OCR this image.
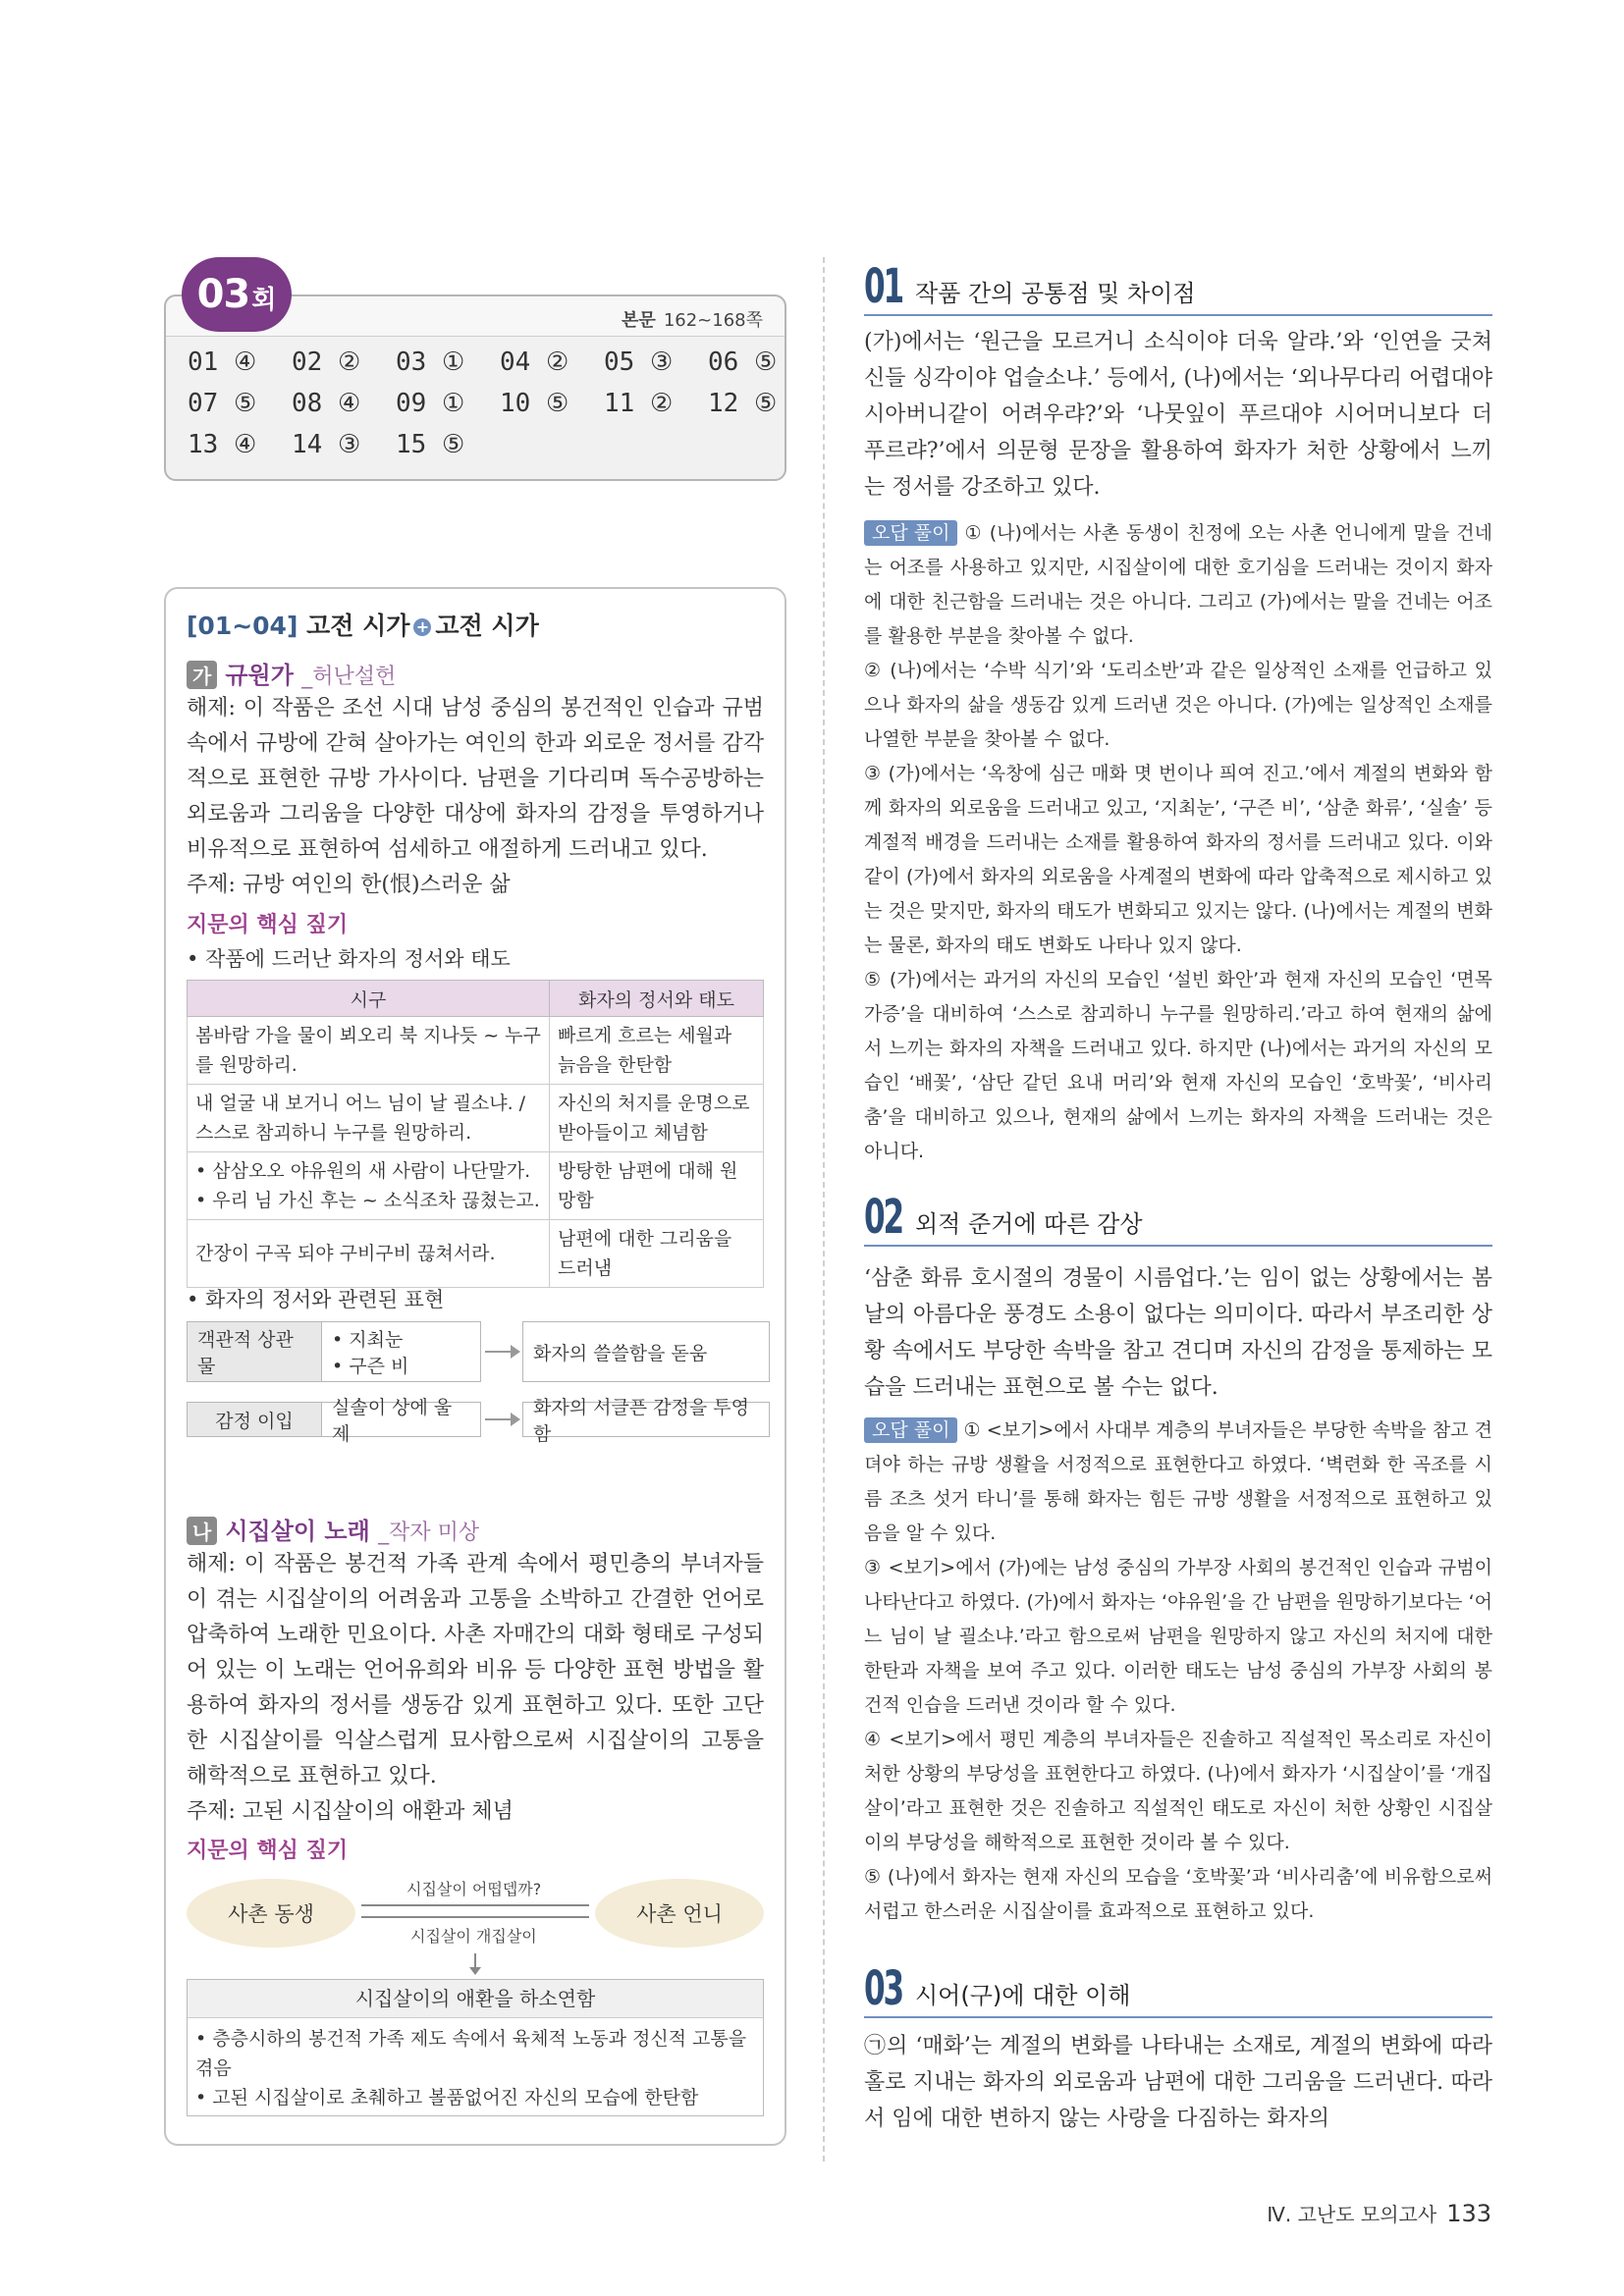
본문 162~168쪽
01 ④	02 ②	03 ①	04 ②	05 ③	06 ⑤
07 ⑤	08 ④	09 ①	10 ⑤	11 ②	12 ⑤
13 ④	14 ③	15 ⑤
03 회
[01~04] 고전 시가 + 고전 시가
가 규원가 _허난설헌
해제: 이 작품은 조선 시대 남성 중심의 봉건적인 인습과 규범 속에서 규방에 갇혀 살아가는 여인의 한과 외로운 정서를 감각적으로 표현한 규방 가사이다. 남편을 기다리며 독수공방하는 외로움과 그리움을 다양한 대상에 화자의 감정을 투영하거나 비유적으로 표현하여 섬세하고 애절하게 드러내고 있다.
주제: 규방 여인의 한(恨)스러운 삶
지문의 핵심 짚기
• 작품에 드러난 화자의 정서와 태도
시구	화자의 정서와 태도
봄바람 가을 물이 뵈오리 북 지나듯 ~ 누구를 원망하리.	빠르게 흐르는 세월과 늙음을 한탄함
내 얼굴 내 보거니 어느 님이 날 괼소냐. / 스스로 참괴하니 누구를 원망하리.	자신의 처지를 운명으로 받아들이고 체념함
• 삼삼오오 야유원의 새 사람이 나단말가.
• 우리 님 가신 후는 ~ 소식조차 끊쳤는고.	방탕한 남편에 대해 원망함
간장이 구곡 되야 구비구비 끊쳐서라.	남편에 대한 그리움을 드러냄
• 화자의 정서와 관련된 표현
객관적 상관물
• 지최눈
• 구즌 비
화자의 쓸쓸함을 돋움
감정 이입
실솔이 상에 울 제
화자의 서글픈 감정을 투영함
나 시집살이 노래 _작자 미상
해제: 이 작품은 봉건적 가족 관계 속에서 평민층의 부녀자들이 겪는 시집살이의 어려움과 고통을 소박하고 간결한 언어로 압축하여 노래한 민요이다. 사촌 자매간의 대화 형태로 구성되어 있는 이 노래는 언어유희와 비유 등 다양한 표현 방법을 활용하여 화자의 정서를 생동감 있게 표현하고 있다. 또한 고단한 시집살이를 익살스럽게 묘사함으로써 시집살이의 고통을 해학적으로 표현하고 있다.
주제: 고된 시집살이의 애환과 체념
지문의 핵심 짚기
사촌 동생	사촌 언니
시집살이 어떱뎁까?
시집살이 개집살이
시집살이의 애환을 하소연함
• 층층시하의 봉건적 가족 제도 속에서 육체적 노동과 정신적 고통을 겪음
• 고된 시집살이로 초췌하고 볼품없어진 자신의 모습에 한탄함
01 작품 간의 공통점 및 차이점
(가)에서는 ‘원근을 모르거니 소식이야 더욱 알랴.’와 ‘인연을 긋쳐신들 싱각이야 업슬소냐.’ 등에서, (나)에서는 ‘외나무다리 어렵대야 시아버니같이 어려우랴?’와 ‘나뭇잎이 푸르대야 시어머니보다 더 푸르랴?’에서 의문형 문장을 활용하여 화자가 처한 상황에서 느끼는 정서를 강조하고 있다.
오답 풀이 ① (나)에서는 사촌 동생이 친정에 오는 사촌 언니에게 말을 건네는 어조를 사용하고 있지만, 시집살이에 대한 호기심을 드러내는 것이지 화자에 대한 친근함을 드러내는 것은 아니다. 그리고 (가)에서는 말을 건네는 어조를 활용한 부분을 찾아볼 수 없다.
② (나)에서는 ‘수박 식기’와 ‘도리소반’과 같은 일상적인 소재를 언급하고 있으나 화자의 삶을 생동감 있게 드러낸 것은 아니다. (가)에는 일상적인 소재를 나열한 부분을 찾아볼 수 없다.
③ (가)에서는 ‘옥창에 심근 매화 몃 번이나 픠여 진고.’에서 계절의 변화와 함께 화자의 외로움을 드러내고 있고, ‘지최눈’, ‘구즌 비’, ‘삼춘 화류’, ‘실솔’ 등 계절적 배경을 드러내는 소재를 활용하여 화자의 정서를 드러내고 있다. 이와 같이 (가)에서 화자의 외로움을 사계절의 변화에 따라 압축적으로 제시하고 있는 것은 맞지만, 화자의 태도가 변화되고 있지는 않다. (나)에서는 계절의 변화는 물론, 화자의 태도 변화도 나타나 있지 않다.
⑤ (가)에서는 과거의 자신의 모습인 ‘설빈 화안’과 현재 자신의 모습인 ‘면목가증’을 대비하여 ‘스스로 참괴하니 누구를 원망하리.’라고 하여 현재의 삶에서 느끼는 화자의 자책을 드러내고 있다. 하지만 (나)에서는 과거의 자신의 모습인 ‘배꽃’, ‘삼단 같던 요내 머리’와 현재 자신의 모습인 ‘호박꽃’, ‘비사리춤’을 대비하고 있으나, 현재의 삶에서 느끼는 화자의 자책을 드러내는 것은 아니다.
02 외적 준거에 따른 감상
‘삼춘 화류 호시절의 경물이 시름업다.’는 임이 없는 상황에서는 봄날의 아름다운 풍경도 소용이 없다는 의미이다. 따라서 부조리한 상황 속에서도 부당한 속박을 참고 견디며 자신의 감정을 통제하는 모습을 드러내는 표현으로 볼 수는 없다.
오답 풀이 ① <보기>에서 사대부 계층의 부녀자들은 부당한 속박을 참고 견뎌야 하는 규방 생활을 서정적으로 표현한다고 하였다. ‘벽련화 한 곡조를 시름 조츠 섯거 타니’를 통해 화자는 힘든 규방 생활을 서정적으로 표현하고 있음을 알 수 있다.
③ <보기>에서 (가)에는 남성 중심의 가부장 사회의 봉건적인 인습과 규범이 나타난다고 하였다. (가)에서 화자는 ‘야유원’을 간 남편을 원망하기보다는 ‘어느 님이 날 괼소냐.’라고 함으로써 남편을 원망하지 않고 자신의 처지에 대한 한탄과 자책을 보여 주고 있다. 이러한 태도는 남성 중심의 가부장 사회의 봉건적 인습을 드러낸 것이라 할 수 있다.
④ <보기>에서 평민 계층의 부녀자들은 진솔하고 직설적인 목소리로 자신이 처한 상황의 부당성을 표현한다고 하였다. (나)에서 화자가 ‘시집살이’를 ‘개집살이’라고 표현한 것은 진솔하고 직설적인 태도로 자신이 처한 상황인 시집살이의 부당성을 해학적으로 표현한 것이라 볼 수 있다.
⑤ (나)에서 화자는 현재 자신의 모습을 ‘호박꽃’과 ‘비사리춤’에 비유함으로써 서럽고 한스러운 시집살이를 효과적으로 표현하고 있다.
03 시어(구)에 대한 이해
㉠의 ‘매화’는 계절의 변화를 나타내는 소재로, 계절의 변화에 따라 홀로 지내는 화자의 외로움과 남편에 대한 그리움을 드러낸다. 따라서 임에 대한 변하지 않는 사랑을 다짐하는 화자의
Ⅳ. 고난도 모의고사 133
